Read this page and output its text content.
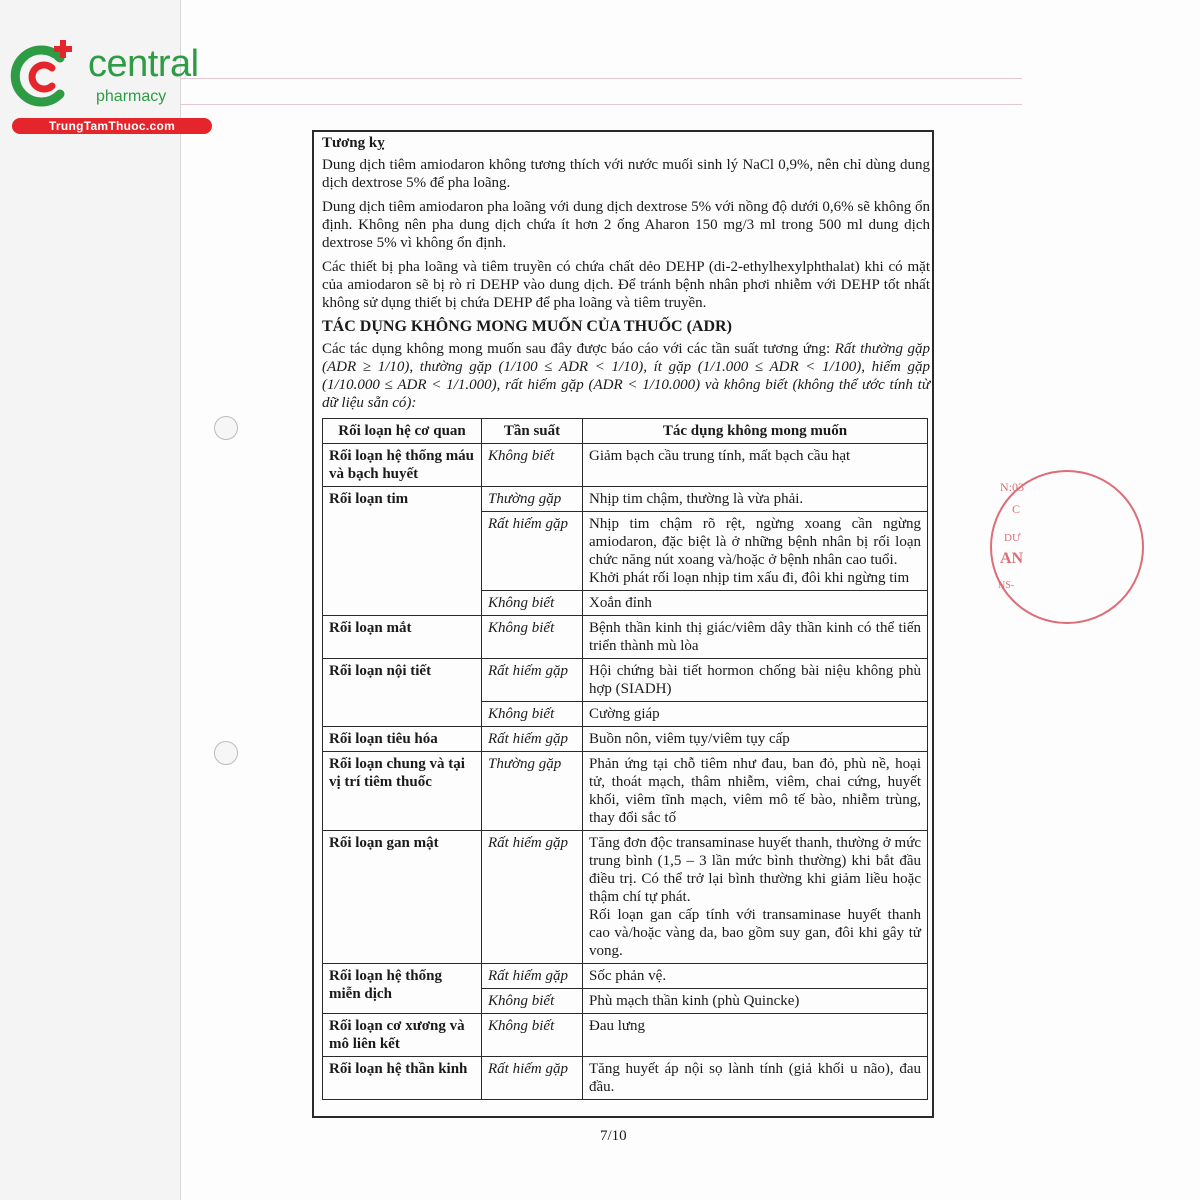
central
pharmacy
TrungTamThuoc.com
N:03
C
DƯ
AN
NS-
Tương kỵ

Dung dịch tiêm amiodaron không tương thích với nước muối sinh lý NaCl 0,9%, nên chỉ dùng dung dịch dextrose 5% để pha loãng.

Dung dịch tiêm amiodaron pha loãng với dung dịch dextrose 5% với nồng độ dưới 0,6% sẽ không ổn định. Không nên pha dung dịch chứa ít hơn 2 ống Aharon 150 mg/3 ml trong 500 ml dung dịch dextrose 5% vì không ổn định.

Các thiết bị pha loãng và tiêm truyền có chứa chất dẻo DEHP (di-2-ethylhexylphthalat) khi có mặt của amiodaron sẽ bị rò rỉ DEHP vào dung dịch. Để tránh bệnh nhân phơi nhiễm với DEHP tốt nhất không sử dụng thiết bị chứa DEHP để pha loãng và tiêm truyền.

TÁC DỤNG KHÔNG MONG MUỐN CỦA THUỐC (ADR)

Các tác dụng không mong muốn sau đây được báo cáo với các tần suất tương ứng: Rất thường gặp (ADR ≥ 1/10), thường gặp (1/100 ≤ ADR < 1/10), ít gặp (1/1.000 ≤ ADR < 1/100), hiếm gặp (1/10.000 ≤ ADR < 1/1.000), rất hiếm gặp (ADR < 1/10.000) và không biết (không thể ước tính từ dữ liệu sẵn có):

Rối loạn hệ cơ quan	Tần suất	Tác dụng không mong muốn
Rối loạn hệ thống máu và bạch huyết	Không biết	Giảm bạch cầu trung tính, mất bạch cầu hạt
Rối loạn tim	Thường gặp	Nhịp tim chậm, thường là vừa phải.
	Rất hiếm gặp	Nhịp tim chậm rõ rệt, ngừng xoang cần ngừng amiodaron, đặc biệt là ở những bệnh nhân bị rối loạn chức năng nút xoang và/hoặc ở bệnh nhân cao tuổi.
Khởi phát rối loạn nhịp tim xấu đi, đôi khi ngừng tim

	Không biết	Xoắn đỉnh
Rối loạn mắt	Không biết	Bệnh thần kinh thị giác/viêm dây thần kinh có thể tiến triển thành mù lòa
Rối loạn nội tiết	Rất hiếm gặp	Hội chứng bài tiết hormon chống bài niệu không phù hợp (SIADH)
	Không biết	Cường giáp
Rối loạn tiêu hóa	Rất hiếm gặp	Buồn nôn, viêm tụy/viêm tụy cấp
Rối loạn chung và tại vị trí tiêm thuốc	Thường gặp	Phản ứng tại chỗ tiêm như đau, ban đỏ, phù nề, hoại tử, thoát mạch, thâm nhiễm, viêm, chai cứng, huyết khối, viêm tĩnh mạch, viêm mô tế bào, nhiễm trùng, thay đổi sắc tố
Rối loạn gan mật	Rất hiếm gặp	Tăng đơn độc transaminase huyết thanh, thường ở mức trung bình (1,5 – 3 lần mức bình thường) khi bắt đầu điều trị. Có thể trở lại bình thường khi giảm liều hoặc thậm chí tự phát.
Rối loạn gan cấp tính với transaminase huyết thanh cao và/hoặc vàng da, bao gồm suy gan, đôi khi gây tử vong.

Rối loạn hệ thống miễn dịch	Rất hiếm gặp	Sốc phản vệ.
	Không biết	Phù mạch thần kinh (phù Quincke)
Rối loạn cơ xương và mô liên kết	Không biết	Đau lưng
Rối loạn hệ thần kinh	Rất hiếm gặp	Tăng huyết áp nội sọ lành tính (giả khối u não), đau đầu.
7/10
